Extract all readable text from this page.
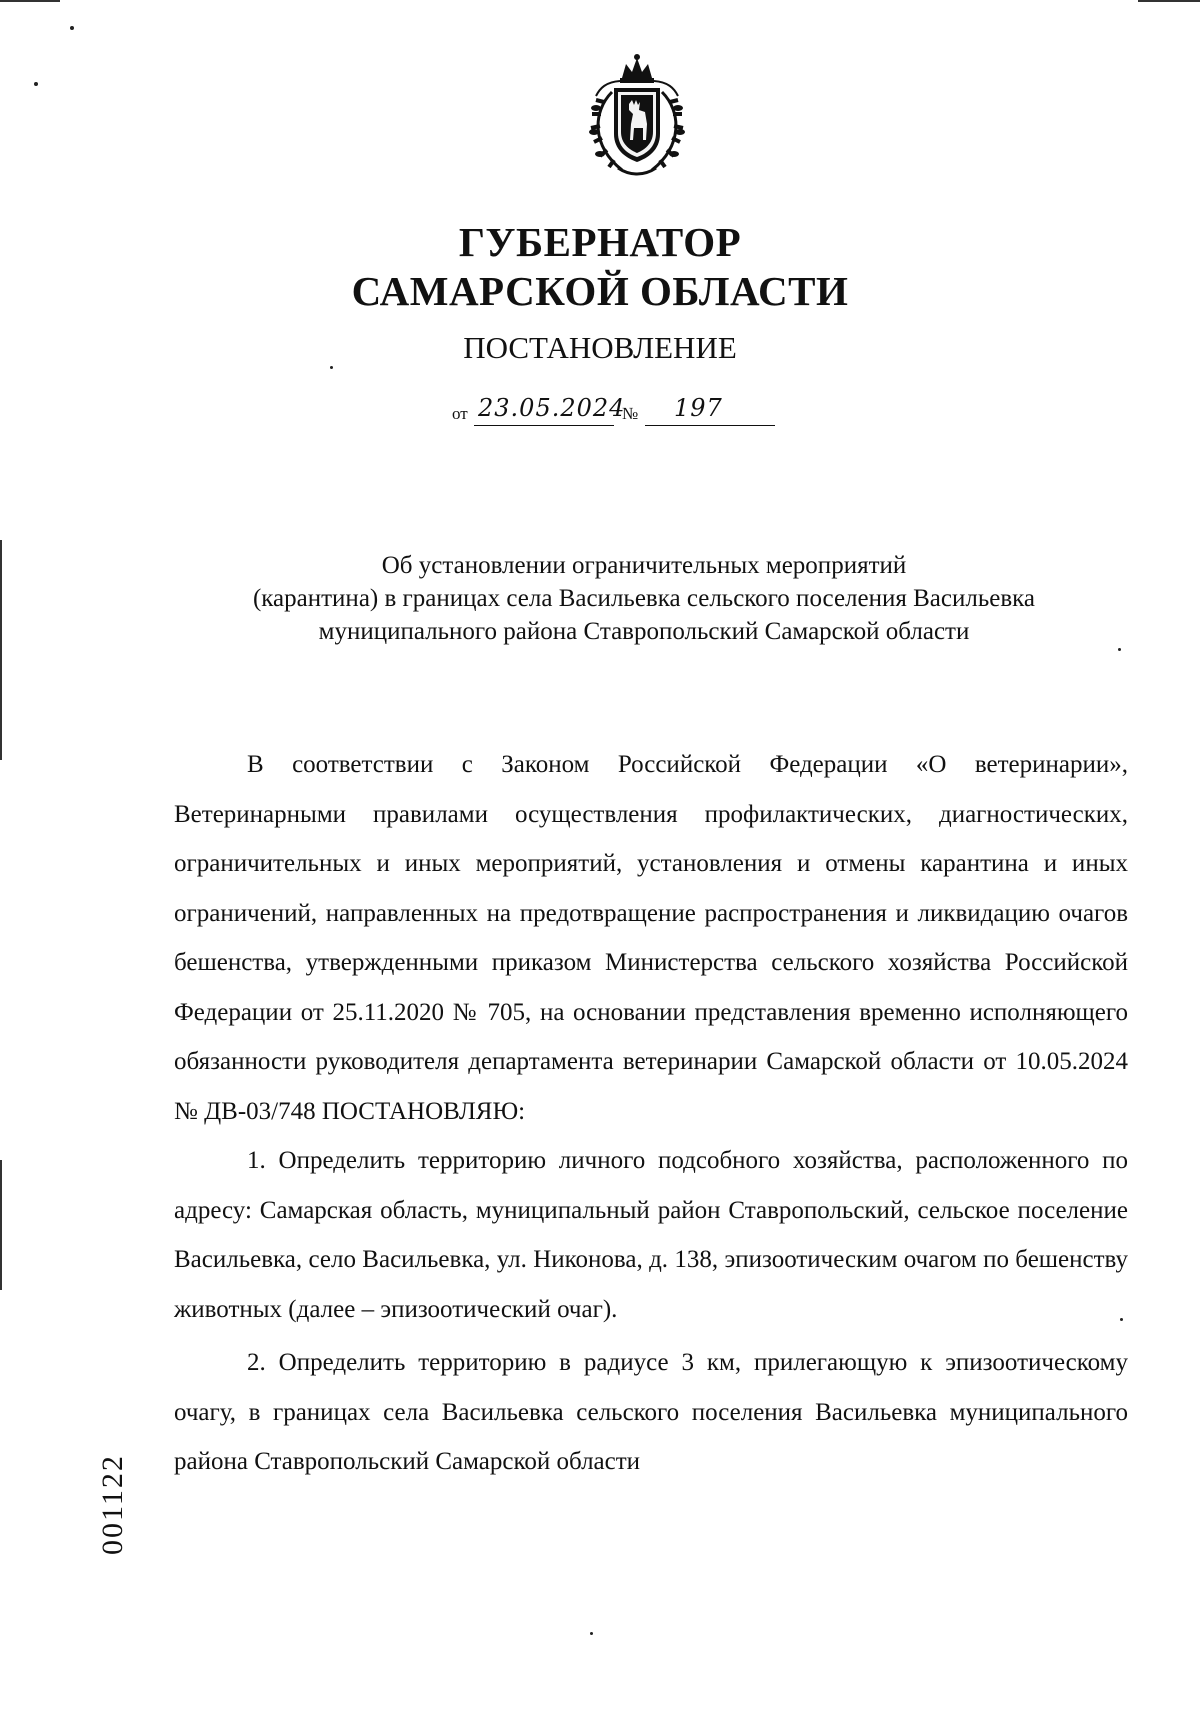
ГУБЕРНАТОР
САМАРСКОЙ ОБЛАСТИ
ПОСТАНОВЛЕНИЕ
от 23.05.2024
№ 197
Об установлении ограничительных мероприятий
(карантина) в границах села Васильевка сельского поселения Васильевка
муниципального района Ставропольский Самарской области

В соответствии с Законом Российской Федерации «О ветеринарии», Ветеринарными правилами осуществления профилактических, диагностических, ограничительных и иных мероприятий, установления и отмены карантина и иных ограничений, направленных на предотвращение распространения и ликвидацию очагов бешенства, утвержденными приказом Министерства сельского хозяйства Российской Федерации от 25.11.2020 № 705, на основании представления временно исполняющего обязанности руководителя департамента ветеринарии Самарской области от 10.05.2024 № ДВ-03/748 ПОСТАНОВЛЯЮ:

1. Определить территорию личного подсобного хозяйства, расположенного по адресу: Самарская область, муниципальный район Ставропольский, сельское поселение Васильевка, село Васильевка, ул. Никонова, д. 138, эпизоотическим очагом по бешенству животных (далее – эпизоотический очаг).

2. Определить территорию в радиусе 3 км, прилегающую к эпизоотическому очагу, в границах села Васильевка сельского поселения Васильевка муниципального района Ставропольский Самарской области

001122
